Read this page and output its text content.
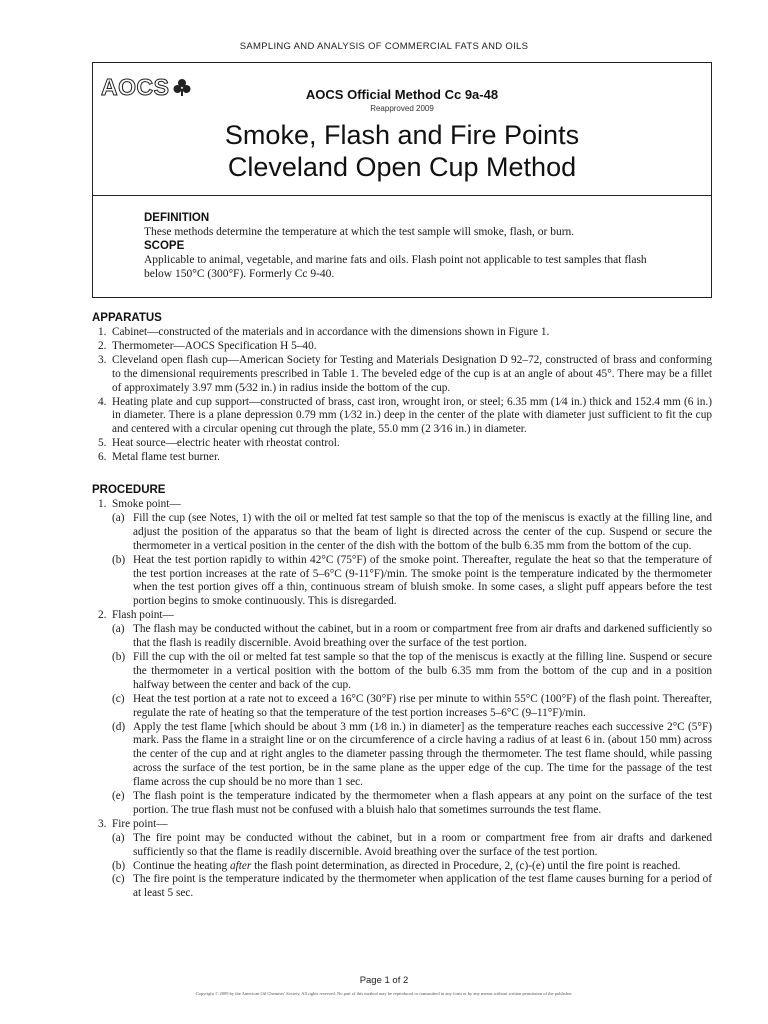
SAMPLING AND ANALYSIS OF COMMERCIAL FATS AND OILS
AOCS	AOCS Official Method Cc 9a-48
Reapproved 2009
Smoke, Flash and Fire Points
Cleveland Open Cup Method
DEFINITION
These methods determine the temperature at which the test sample will smoke, flash, or burn.
SCOPE
Applicable to animal, vegetable, and marine fats and oils. Flash point not applicable to test samples that flash below 150°C (300°F). Formerly Cc 9-40.
APPARATUS
1. Cabinet—constructed of the materials and in accordance with the dimensions shown in Figure 1.
2. Thermometer—AOCS Specification H 5–40.
3. Cleveland open flash cup—American Society for Testing and Materials Designation D 92–72, constructed of brass and conforming to the dimensional requirements prescribed in Table 1. The beveled edge of the cup is at an angle of about 45°. There may be a fillet of approximately 3.97 mm (5⁄32 in.) in radius inside the bottom of the cup.
4. Heating plate and cup support—constructed of brass, cast iron, wrought iron, or steel; 6.35 mm (1⁄4 in.) thick and 152.4 mm (6 in.) in diameter. There is a plane depression 0.79 mm (1⁄32 in.) deep in the center of the plate with diameter just sufficient to fit the cup and centered with a circular opening cut through the plate, 55.0 mm (2 3⁄16 in.) in diameter.
5. Heat source—electric heater with rheostat control.
6. Metal flame test burner.
PROCEDURE
1. Smoke point—
(a) Fill the cup (see Notes, 1) with the oil or melted fat test sample so that the top of the meniscus is exactly at the filling line, and adjust the position of the apparatus so that the beam of light is directed across the center of the cup. Suspend or secure the thermometer in a vertical position in the center of the dish with the bottom of the bulb 6.35 mm from the bottom of the cup.
(b) Heat the test portion rapidly to within 42°C (75°F) of the smoke point. Thereafter, regulate the heat so that the temperature of the test portion increases at the rate of 5–6°C (9-11°F)/min. The smoke point is the temperature indicated by the thermometer when the test portion gives off a thin, continuous stream of bluish smoke. In some cases, a slight puff appears before the test portion begins to smoke continuously. This is disregarded.
2. Flash point—
(a) The flash may be conducted without the cabinet, but in a room or compartment free from air drafts and darkened sufficiently so that the flash is readily discernible. Avoid breathing over the surface of the test portion.
(b) Fill the cup with the oil or melted fat test sample so that the top of the meniscus is exactly at the filling line. Suspend or secure the thermometer in a vertical position with the bottom of the bulb 6.35 mm from the bottom of the cup and in a position halfway between the center and back of the cup.
(c) Heat the test portion at a rate not to exceed a 16°C (30°F) rise per minute to within 55°C (100°F) of the flash point. Thereafter, regulate the rate of heating so that the temperature of the test portion increases 5–6°C (9–11°F)/min.
(d) Apply the test flame [which should be about 3 mm (1⁄8 in.) in diameter] as the temperature reaches each successive 2°C (5°F) mark. Pass the flame in a straight line or on the circumference of a circle having a radius of at least 6 in. (about 150 mm) across the center of the cup and at right angles to the diameter passing through the thermometer. The test flame should, while passing across the surface of the test portion, be in the same plane as the upper edge of the cup. The time for the passage of the test flame across the cup should be no more than 1 sec.
(e) The flash point is the temperature indicated by the thermometer when a flash appears at any point on the surface of the test portion. The true flash must not be confused with a bluish halo that sometimes surrounds the test flame.
3. Fire point—
(a) The fire point may be conducted without the cabinet, but in a room or compartment free from air drafts and darkened sufficiently so that the flame is readily discernible. Avoid breathing over the surface of the test portion.
(b) Continue the heating after the flash point determination, as directed in Procedure, 2, (c)-(e) until the fire point is reached.
(c) The fire point is the temperature indicated by the thermometer when application of the test flame causes burning for a period of at least 5 sec.
Page 1 of 2
Copyright © 2009 by the American Oil Chemists' Society. All rights reserved. No part of this method may be reproduced or transmitted in any form or by any means without written permission of the publisher.
